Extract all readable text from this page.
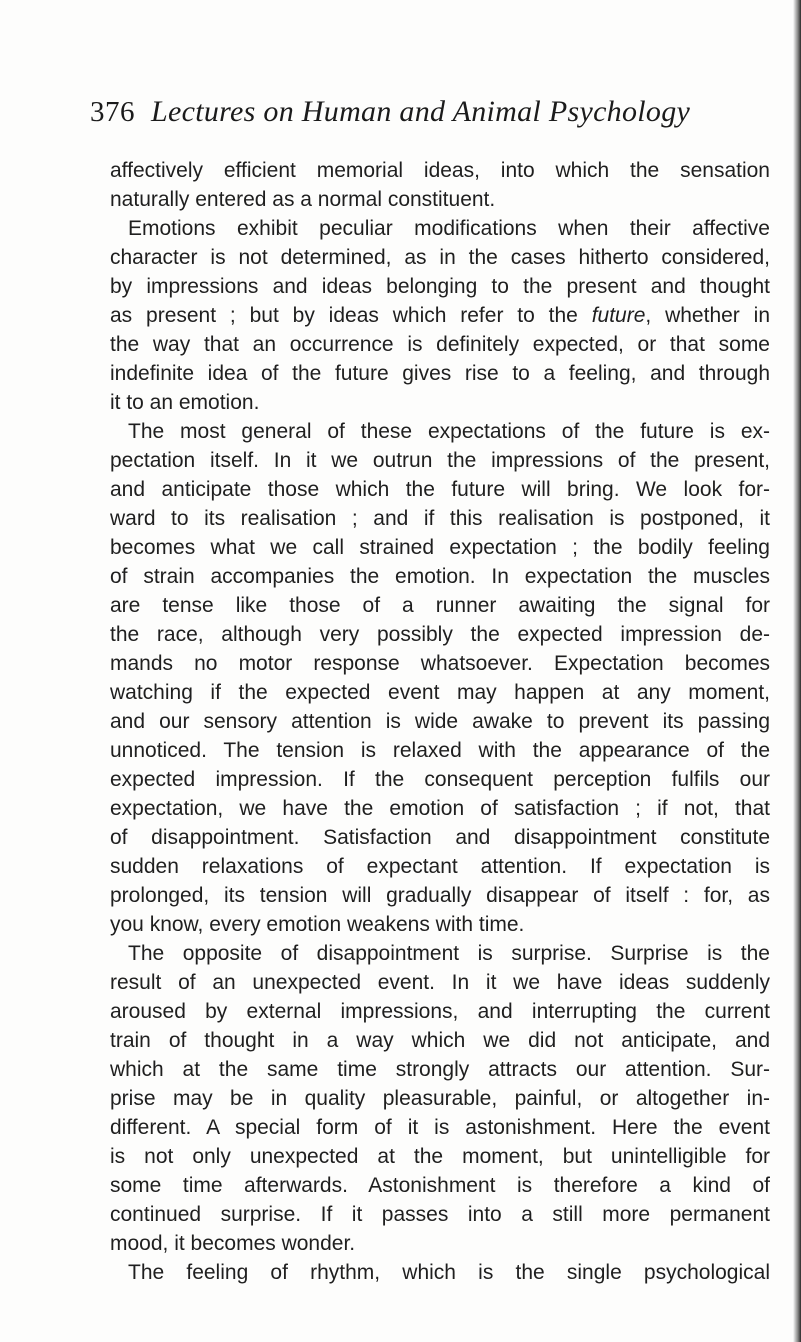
376 Lectures on Human and Animal Psychology
affectively efficient memorial ideas, into which the sensation
naturally entered as a normal constituent.
Emotions exhibit peculiar modifications when their affective
character is not determined, as in the cases hitherto considered,
by impressions and ideas belonging to the present and thought
as present ; but by ideas which refer to the future, whether in
the way that an occurrence is definitely expected, or that some
indefinite idea of the future gives rise to a feeling, and through
it to an emotion.
The most general of these expectations of the future is ex-
pectation itself. In it we outrun the impressions of the present,
and anticipate those which the future will bring. We look for-
ward to its realisation ; and if this realisation is postponed, it
becomes what we call strained expectation ; the bodily feeling
of strain accompanies the emotion. In expectation the muscles
are tense like those of a runner awaiting the signal for
the race, although very possibly the expected impression de-
mands no motor response whatsoever. Expectation becomes
watching if the expected event may happen at any moment,
and our sensory attention is wide awake to prevent its passing
unnoticed. The tension is relaxed with the appearance of the
expected impression. If the consequent perception fulfils our
expectation, we have the emotion of satisfaction ; if not, that
of disappointment. Satisfaction and disappointment constitute
sudden relaxations of expectant attention. If expectation is
prolonged, its tension will gradually disappear of itself : for, as
you know, every emotion weakens with time.
The opposite of disappointment is surprise. Surprise is the
result of an unexpected event. In it we have ideas suddenly
aroused by external impressions, and interrupting the current
train of thought in a way which we did not anticipate, and
which at the same time strongly attracts our attention. Sur-
prise may be in quality pleasurable, painful, or altogether in-
different. A special form of it is astonishment. Here the event
is not only unexpected at the moment, but unintelligible for
some time afterwards. Astonishment is therefore a kind of
continued surprise. If it passes into a still more permanent
mood, it becomes wonder.
The feeling of rhythm, which is the single psychological
